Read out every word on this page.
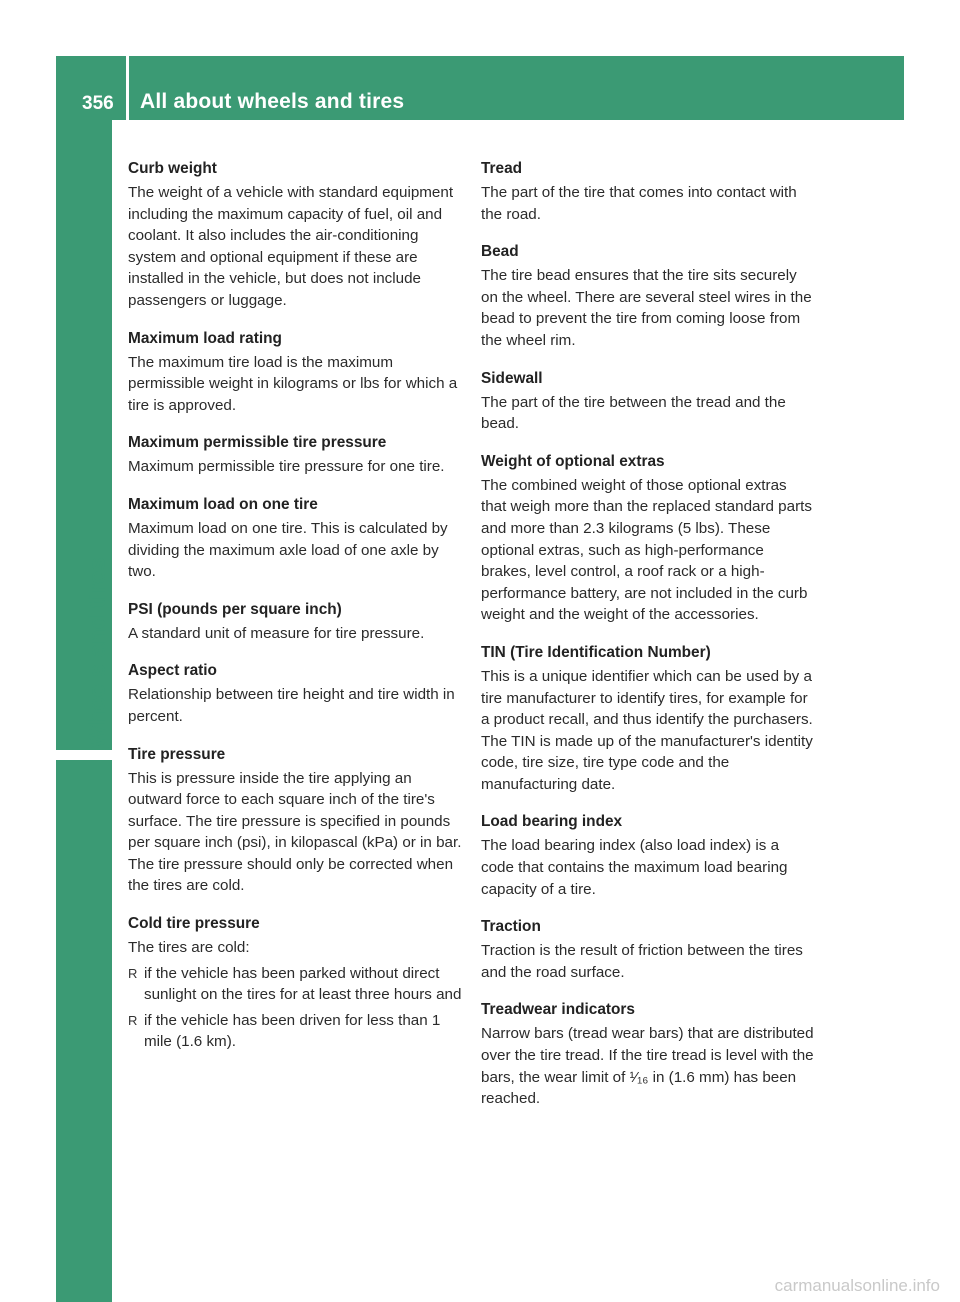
356	All about wheels and tires
Wheels and tires
Curb weight

The weight of a vehicle with standard equipment including the maximum capacity of fuel, oil and coolant. It also includes the air-conditioning system and optional equipment if these are installed in the vehicle, but does not include passengers or luggage.

Maximum load rating

The maximum tire load is the maximum permissible weight in kilograms or lbs for which a tire is approved.

Maximum permissible tire pressure

Maximum permissible tire pressure for one tire.

Maximum load on one tire

Maximum load on one tire. This is calculated by dividing the maximum axle load of one axle by two.

PSI (pounds per square inch)

A standard unit of measure for tire pressure.

Aspect ratio

Relationship between tire height and tire width in percent.

Tire pressure

This is pressure inside the tire applying an outward force to each square inch of the tire's surface. The tire pressure is specified in pounds per square inch (psi), in kilopascal (kPa) or in bar. The tire pressure should only be corrected when the tires are cold.

Cold tire pressure

The tires are cold:

R if the vehicle has been parked without direct sunlight on the tires for at least three hours and
R if the vehicle has been driven for less than 1 mile (1.6 km).
Tread

The part of the tire that comes into contact with the road.

Bead

The tire bead ensures that the tire sits securely on the wheel. There are several steel wires in the bead to prevent the tire from coming loose from the wheel rim.

Sidewall

The part of the tire between the tread and the bead.

Weight of optional extras

The combined weight of those optional extras that weigh more than the replaced standard parts and more than 2.3 kilograms (5 lbs). These optional extras, such as high-performance brakes, level control, a roof rack or a high-performance battery, are not included in the curb weight and the weight of the accessories.

TIN (Tire Identification Number)

This is a unique identifier which can be used by a tire manufacturer to identify tires, for example for a product recall, and thus identify the purchasers. The TIN is made up of the manufacturer's identity code, tire size, tire type code and the manufacturing date.

Load bearing index

The load bearing index (also load index) is a code that contains the maximum load bearing capacity of a tire.

Traction

Traction is the result of friction between the tires and the road surface.

Treadwear indicators

Narrow bars (tread wear bars) that are distributed over the tire tread. If the tire tread is level with the bars, the wear limit of ¹⁄₁₆ in (1.6 mm) has been reached.

carmanualsonline.info
